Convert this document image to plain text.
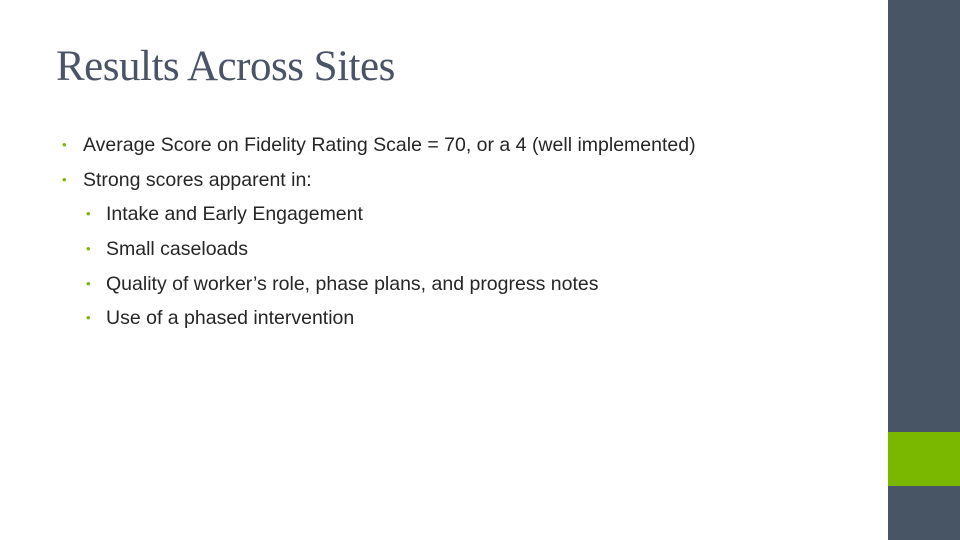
Results Across Sites
• Average Score on Fidelity Rating Scale = 70, or a 4 (well implemented)
• Strong scores apparent in:
• Intake and Early Engagement
• Small caseloads
• Quality of worker’s role, phase plans, and progress notes
• Use of a phased intervention
